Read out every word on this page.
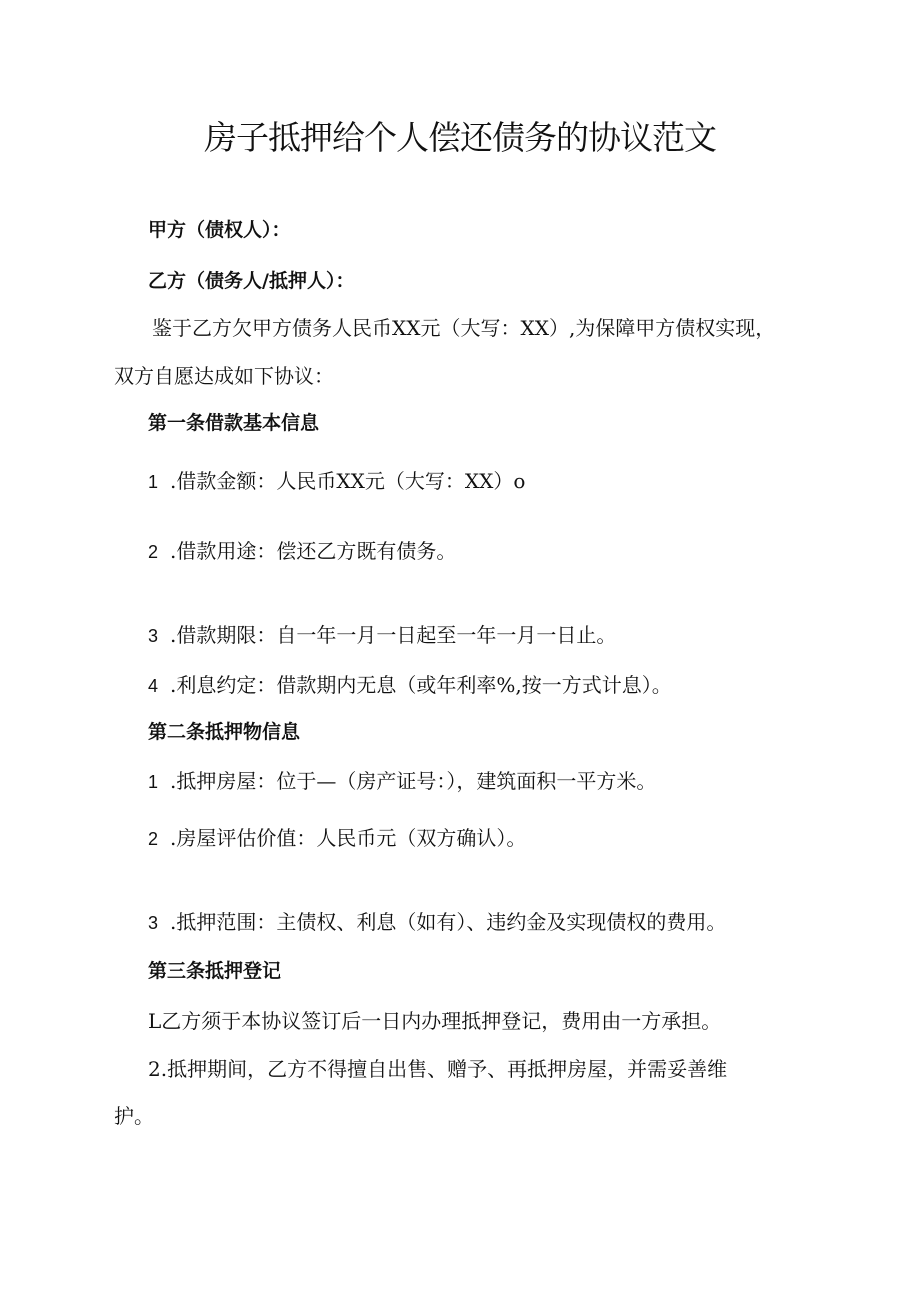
房子抵押给个人偿还债务的协议范文

甲方（债权人）：

乙方（债务人/抵押人）：

鉴于乙方欠甲方债务人民币XX元（大写：XX）,为保障甲方债权实现，

双方自愿达成如下协议：

第一条借款基本信息

1 .借款金额：人民币XX元（大写：XX）o

2 .借款用途：偿还乙方既有债务。

3 .借款期限：自一年一月一日起至一年一月一日止。

4 .利息约定：借款期内无息（或年利率%,按一方式计息）。

第二条抵押物信息

1 .抵押房屋：位于—（房产证号：），建筑面积一平方米。

2 .房屋评估价值：人民币元（双方确认）。

3 .抵押范围：主债权、利息（如有）、违约金及实现债权的费用。

第三条抵押登记

L乙方须于本协议签订后一日内办理抵押登记，费用由一方承担。

2.抵押期间，乙方不得擅自出售、赠予、再抵押房屋，并需妥善维

护。
